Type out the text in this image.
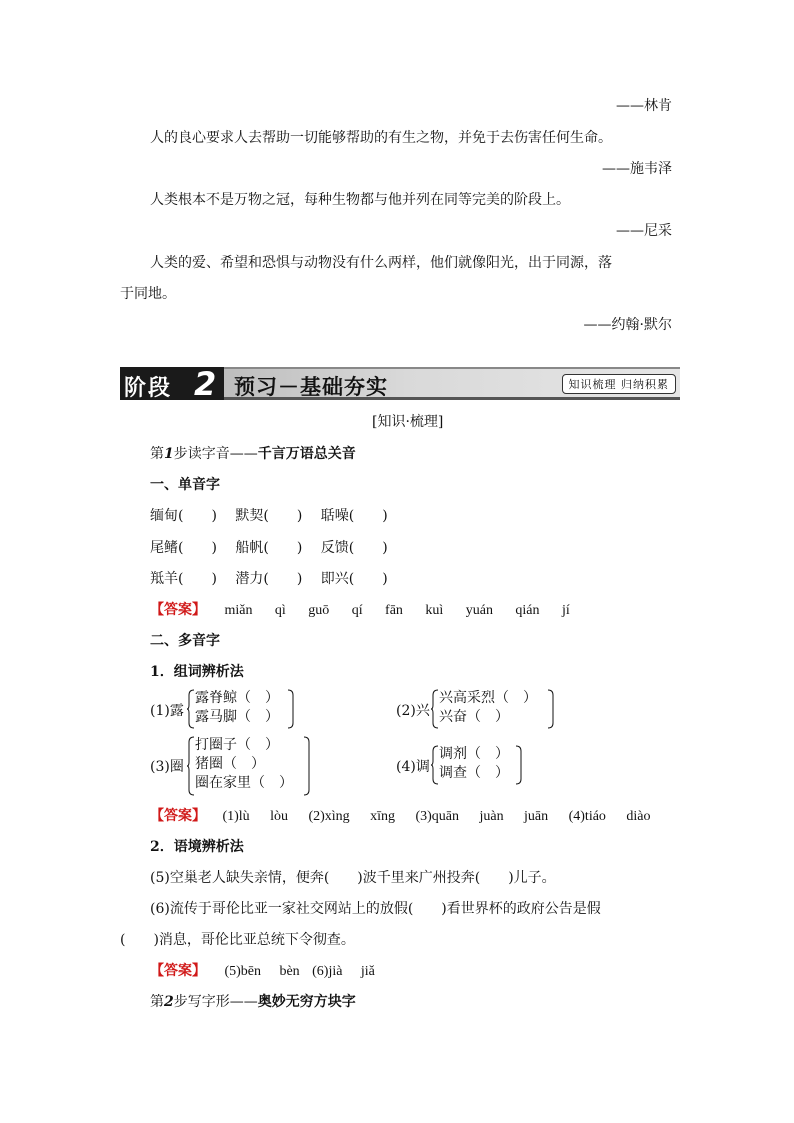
——林肯
人的良心要求人去帮助一切能够帮助的有生之物，并免于去伤害任何生命。
——施韦泽
人类根本不是万物之冠，每种生物都与他并列在同等完美的阶段上。
——尼采
人类的爱、希望和恐惧与动物没有什么两样，他们就像阳光，出于同源，落
于同地。
——约翰·默尔
阶段 2 预习－基础夯实	知识梳理 归纳积累
[知识·梳理]
第1步读字音——千言万语总关音
一、单音字
缅甸(　　) 默契(　　) 聒噪(　　)
尾鳍(　　) 船帆(　　) 反馈(　　)
羝羊(　　) 潜力(　　) 即兴(　　)
【答案】 miǎn qì guō qí fān kuì yuán qián jí
二、多音字
1．组词辨析法
(1)露
露脊鲸（　）
露马脚（　）	(2)兴
兴高采烈（　）
兴奋（　）
(3)圈
打圈子（　）
猪圈（　）
圈在家里（　）
(4)调
调剂（　）
调查（　）
【答案】 (1)lù lòu (2)xìng xīng (3)quān juàn juān (4)tiáo diào
2．语境辨析法
(5)空巢老人缺失亲情，便奔(　　)波千里来广州投奔(　　)儿子。
(6)流传于哥伦比亚一家社交网站上的放假(　　)看世界杯的政府公告是假
(　　)消息，哥伦比亚总统下令彻查。
【答案】 (5)bēn bèn (6)jià jiǎ
第2步写字形——奥妙无穷方块字
